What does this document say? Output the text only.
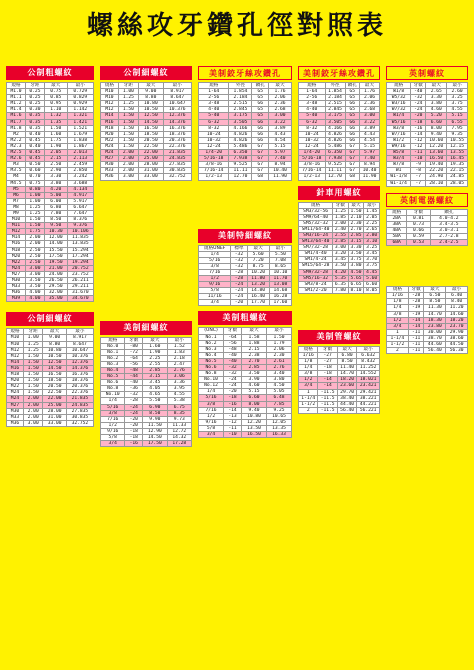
螺絲攻牙鑽孔徑對照表
公制粗螺紋
規格	牙距	最大	最小
M1.0	0.25	0.75	0.729
M1.1	0.25	0.85	0.829
M1.2	0.25	0.95	0.929
M1.4	0.30	1.10	1.142
M1.6	0.35	1.32	1.321
M1.7	0.35	1.35	1.421
M1.8	0.35	1.50	1.521
M2	0.40	1.60	1.679
M2.2	0.45	1.75	1.838
M2.3	0.40	1.90	1.867
M2.5	0.45	2.05	2.013
M2.6	0.45	2.15	2.113
M3	0.50	2.50	2.459
M3.5	0.60	2.90	2.850
M4	0.70	3.30	3.242
M4.5	0.75	3.80	3.688
M5	0.80	4.20	4.134
M6	1.00	5.00	4.917
M7	1.00	6.00	5.917
M8	1.25	6.80	6.647
M9	1.25	7.80	7.647
M10	1.50	8.50	8.376
M11	1.50	9.50	9.376
M12	1.75	10.30	10.106
M14	2.00	12.00	11.835
M16	2.00	14.00	13.835
M18	2.50	15.50	15.294
M20	2.50	17.50	17.294
M22	2.50	19.50	19.294
M24	3.00	21.00	20.752
M27	3.00	24.00	23.752
M30	3.50	26.50	26.211
M33	3.50	29.50	29.211
M36	4.00	32.00	31.670
M39	4.00	35.00	34.670
公制細螺紋
規格	牙距	最大	最小
M10	1.00	9.00	8.917
M10	1.25	8.80	8.647
M12	1.25	10.80	10.647
M12	1.50	10.50	10.376
M14	1.50	12.50	12.376
M16	1.50	14.50	14.376
M18	1.50	16.50	16.376
M20	1.50	18.50	18.376
M22	1.50	20.50	20.376
M24	1.50	22.50	22.376
M24	2.00	22.00	21.835
M27	2.00	25.00	24.835
M30	2.00	28.00	27.835
M33	2.00	31.00	30.835
M36	3.00	33.00	32.752
公制細螺紋
規格	牙距	最大	最小
M10	1.00	9.00	8.917
M10	1.25	8.80	8.647
M12	1.25	10.80	10.647
M12	1.50	10.50	10.376
M14	1.50	12.50	12.376
M16	1.50	14.50	14.376
M18	1.50	16.50	16.376
M20	1.50	18.50	18.376
M22	1.50	20.50	20.376
M24	1.50	22.50	22.376
M24	2.00	22.00	21.835
M27	2.00	25.00	24.835
M30	2.00	28.00	27.835
M33	2.00	31.00	30.835
M36	3.00	33.00	32.752
美制細螺紋
規格	牙數	最大	最小
No.0	-80	1.60	1.52
No.1	-72	1.90	1.83
No.2	-64	2.25	2.18
No.3	-56	2.55	2.47
No.4	-48	2.85	2.76
No.5	-44	3.15	3.06
No.6	-40	3.45	3.36
No.8	-36	4.05	3.95
No.10	-32	4.65	4.55
1/4	-28	5.50	5.38
5/16	-24	6.90	6.75
3/8	-24	8.50	8.35
7/16	-20	9.90	9.73
1/2	-20	11.50	11.33
9/16	-18	12.90	12.72
5/8	-18	14.50	14.32
3/4	-16	17.50	17.28
美制鉸牙絲攻鑽孔
規格	外徑	鑽孔	最大
1-64	1.854	G5	1.76
2-56	2.184	G5	2.06
3-48	2.515	G6	2.36
4-40	2.845	G5	2.68
5-40	3.175	G5	3.00
6-32	3.505	G6	3.22
8-32	4.166	G6	3.89
10-24	4.826	G6	4.43
10-32	4.826	G6	4.54
12-24	5.486	G7	5.15
1/4-20	6.350	G7	5.97
5/16-18	7.938	G7	7.40
3/8-16	9.525	G7	8.94
7/16-14	11.11	G7	10.40
1/2-13	12.70	G8	11.90
美制特細螺紋
規格UNEF	標準	最大	最小
1/4	-32	5.60	5.50
5/16	-32	7.20	7.08
3/8	-32	8.75	8.65
7/16	-28	10.20	10.10
1/2	-28	11.80	11.70
9/16	-24	13.20	13.08
5/8	-24	14.80	14.68
11/16	-24	16.40	16.28
3/4	-20	17.70	17.60
美制粗螺紋
(UNC)	牙數	最大	最小
No.1	-64	1.58	1.50
No.2	-56	1.88	1.79
No.3	-48	2.15	2.06
No.4	-40	2.38	2.30
No.5	-40	2.70	2.61
No.6	-32	2.85	2.76
No.8	-32	3.50	3.40
No.10	-24	3.90	3.80
No.12	-24	4.60	4.50
1/4	-20	5.15	5.05
5/16	-18	6.60	6.48
3/8	-16	8.00	7.85
7/16	-14	9.40	9.25
1/2	-13	10.80	10.65
9/16	-12	12.20	12.05
5/8	-11	13.50	13.35
3/4	-10	16.50	16.33
美制鉸牙絲攻鑽孔
規格	外徑	鑽孔	最大
1-64	1.854	G5	1.76
2-56	2.184	G5	2.06
3-48	2.515	G6	2.36
4-40	2.845	G5	2.68
5-40	3.175	G5	3.00
6-32	3.505	G6	3.22
8-32	4.166	G6	3.89
10-24	4.826	G6	4.43
10-32	4.826	G6	4.54
12-24	5.486	G7	5.15
1/4-20	6.350	G7	5.97
5/16-18	7.938	G7	7.40
3/8-16	9.525	G7	8.94
7/16-14	11.11	G7	10.40
1/2-13	12.70	G8	11.90
針車用螺紋
規格	牙數	最大	最小
SM3/32-56	1.25	1.50	1.45
SM9/64-40	1.85	2.10	2.05
SM5/32-32	2.00	2.30	2.25
SM11/64-40	2.40	2.70	2.65
SM3/16-24	2.55	2.85	2.80
SM13/64-40	2.85	3.15	3.10
SM7/32-28	3.00	3.30	3.25
SM1/4-40	3.20	3.50	3.45
SM1/4-24	3.45	3.75	3.70
SM15/64-28	3.50	3.80	3.75
SM9/32-28	4.20	4.50	4.45
SM5/16-32	5.35	5.65	5.60
SM3/8-24	6.35	6.65	6.60
SM1/2-20	7.80	8.10	8.05
美制管螺紋
規格	牙數	最大	最小
1/16	-27	6.80	6.632
1/8	-27	8.50	8.432
1/4	-18	11.40	11.252
3/8	-18	14.70	14.552
1/2	-14	18.20	18.021
3/4	-14	23.60	23.421
1	-11.5	29.70	29.421
1-1/4	-11.5	38.40	38.221
1-1/2	-11.5	44.40	44.221
2	-11.5	56.40	56.221
英制螺紋
規格	牙數	最大	最小
W1/8	-40	2.65	2.60
W5/32	-32	3.30	3.25
W3/16	-24	3.80	3.75
W7/32	-24	4.60	4.55
W1/4	-20	5.20	5.15
W5/16	-18	6.60	6.55
W3/8	-16	8.00	7.95
W7/16	-14	9.40	9.35
W1/2	-12	10.60	10.55
W9/16	-12	12.20	12.15
W5/8	-11	13.60	13.55
W3/4	-10	16.50	16.45
W7/8	-9	19.40	19.35
W1	-8	22.20	22.15
W1-1/8	-7	24.90	24.85
W1-1/4	-7	28.10	28.05
英制電器螺紋
規格	牙數	鑽孔
2BA	0.81	4.0-4.2
3BA	0.73	3.4-3.5
4BA	0.66	3.0-3.1
5BA	0.59	2.7-2.8
6BA	0.53	2.4-2.5
規格	牙數	最大	最小
1/16	-28	6.50	6.40
1/8	-28	8.50	8.40
1/4	-19	11.30	11.20
3/8	-19	14.70	14.60
1/2	-14	18.30	18.20
3/4	-14	23.80	23.70
1	-11	30.00	29.90
1-1/4	-11	38.70	38.60
1-1/2	-11	44.60	44.50
2	-11	56.40	56.30
